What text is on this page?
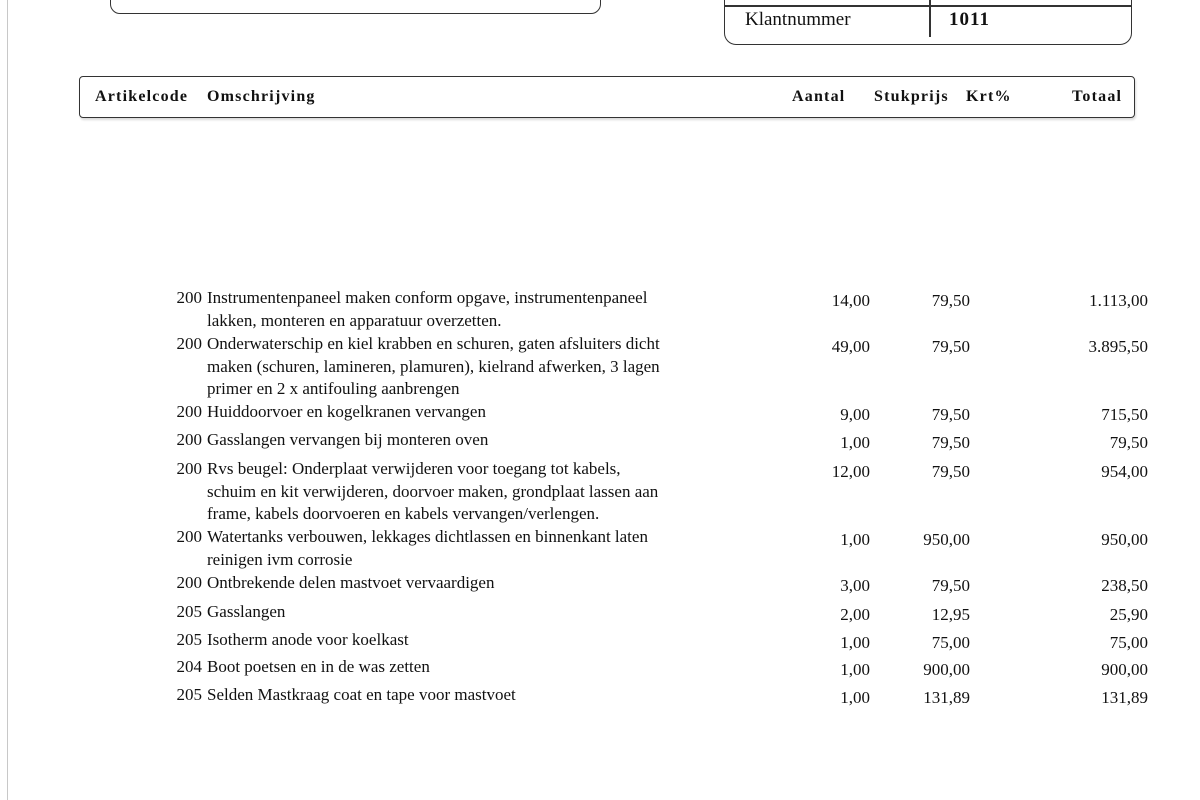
Klantnummer	1011
Artikelcode Omschrijving	Aantal Stukprijs Krt%	Totaal
200 Instrumentenpaneel maken conform opgave, instrumentenpaneel
lakken, monteren en apparatuur overzetten.
14,00	79,50	1.113,00
200 Onderwaterschip en kiel krabben en schuren, gaten afsluiters dicht
maken (schuren, lamineren, plamuren), kielrand afwerken, 3 lagen
primer en 2 x antifouling aanbrengen
49,00	79,50	3.895,50
200 Huiddoorvoer en kogelkranen vervangen	9,00	79,50	715,50
200 Gasslangen vervangen bij monteren oven	1,00	79,50	79,50
200 Rvs beugel: Onderplaat verwijderen voor toegang tot kabels,
schuim en kit verwijderen, doorvoer maken, grondplaat lassen aan
frame, kabels doorvoeren en kabels vervangen/verlengen.
12,00	79,50	954,00
200 Watertanks verbouwen, lekkages dichtlassen en binnenkant laten
reinigen ivm corrosie
1,00	950,00	950,00
200 Ontbrekende delen mastvoet vervaardigen	3,00	79,50	238,50
205 Gasslangen	2,00	12,95	25,90
205 Isotherm anode voor koelkast	1,00	75,00	75,00
204 Boot poetsen en in de was zetten	1,00	900,00	900,00
205 Selden Mastkraag coat en tape voor mastvoet	1,00	131,89	131,89
